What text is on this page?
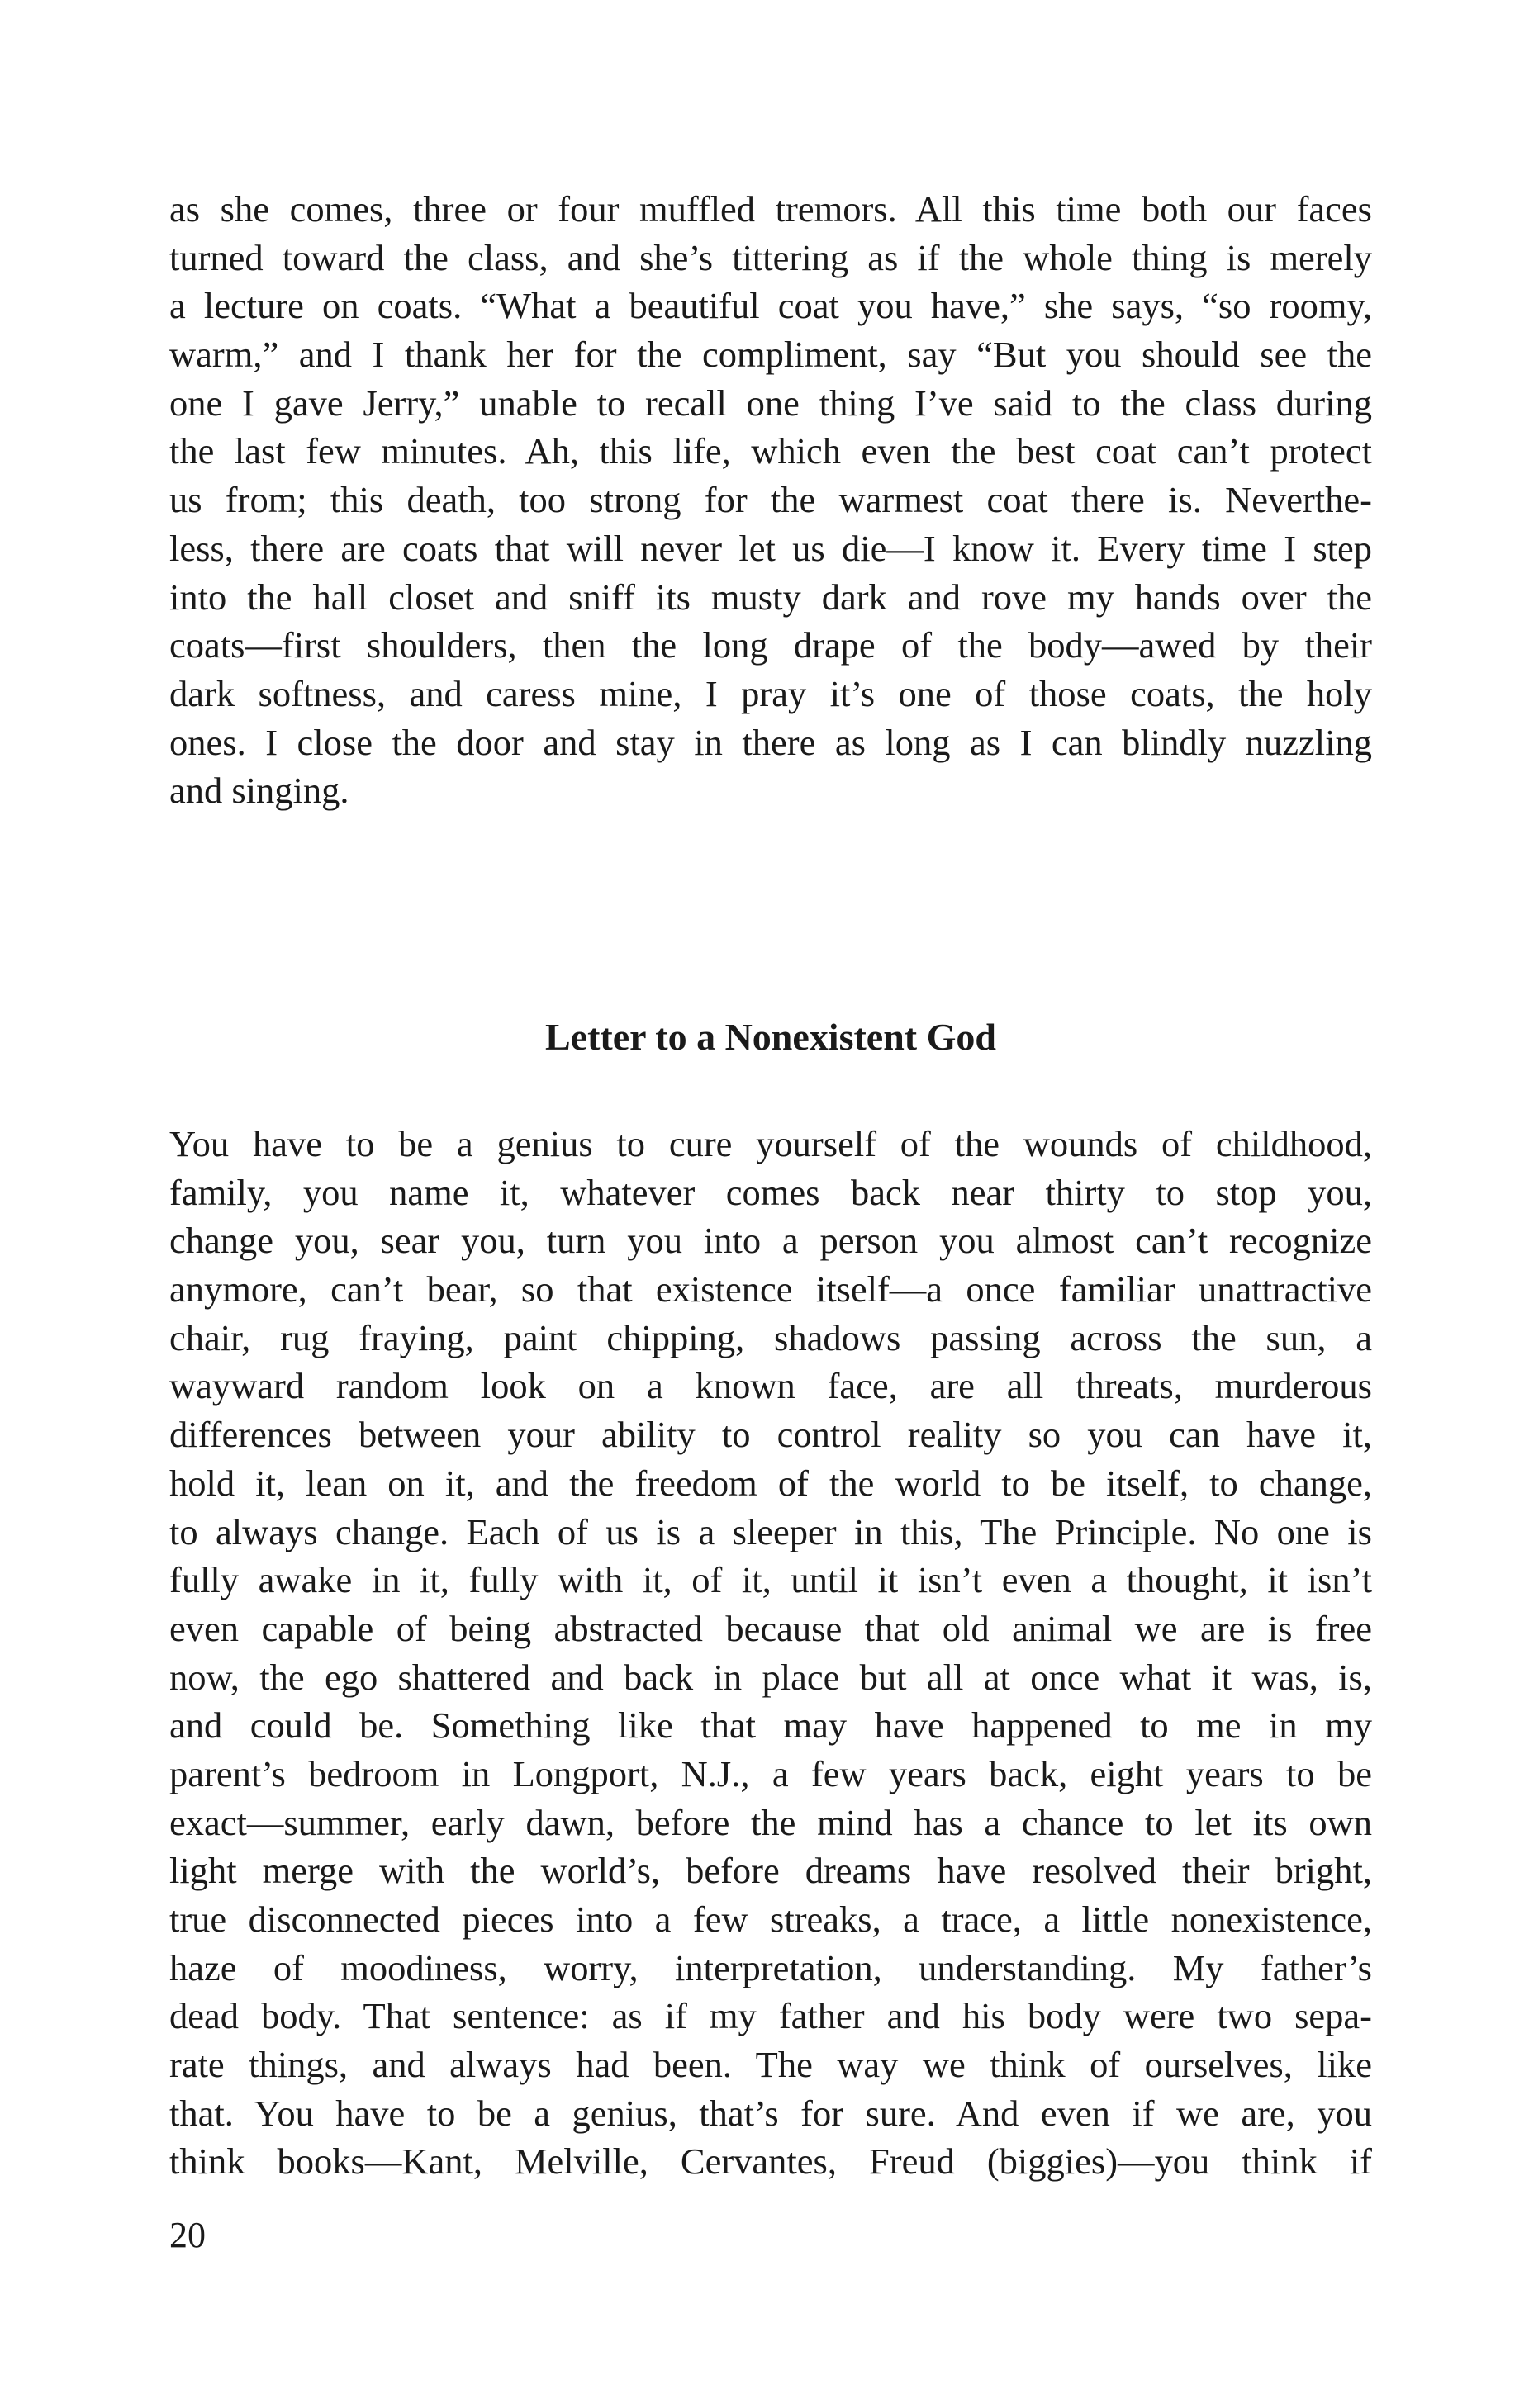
as she comes, three or four muffled tremors. All this time both our faces
turned toward the class, and she’s tittering as if the whole thing is merely
a lecture on coats. “What a beautiful coat you have,” she says, “so roomy,
warm,” and I thank her for the compliment, say “But you should see the
one I gave Jerry,” unable to recall one thing I’ve said to the class during
the last few minutes. Ah, this life, which even the best coat can’t protect
us from; this death, too strong for the warmest coat there is. Neverthe-
less, there are coats that will never let us die—I know it. Every time I step
into the hall closet and sniff its musty dark and rove my hands over the
coats—first shoulders, then the long drape of the body—awed by their
dark softness, and caress mine, I pray it’s one of those coats, the holy
ones. I close the door and stay in there as long as I can blindly nuzzling
and singing.
Letter to a Nonexistent God
You have to be a genius to cure yourself of the wounds of childhood,
family, you name it, whatever comes back near thirty to stop you,
change you, sear you, turn you into a person you almost can’t recognize
anymore, can’t bear, so that existence itself—a once familiar unattractive
chair, rug fraying, paint chipping, shadows passing across the sun, a
wayward random look on a known face, are all threats, murderous
differences between your ability to control reality so you can have it,
hold it, lean on it, and the freedom of the world to be itself, to change,
to always change. Each of us is a sleeper in this, The Principle. No one is
fully awake in it, fully with it, of it, until it isn’t even a thought, it isn’t
even capable of being abstracted because that old animal we are is free
now, the ego shattered and back in place but all at once what it was, is,
and could be. Something like that may have happened to me in my
parent’s bedroom in Longport, N.J., a few years back, eight years to be
exact—summer, early dawn, before the mind has a chance to let its own
light merge with the world’s, before dreams have resolved their bright,
true disconnected pieces into a few streaks, a trace, a little nonexistence,
haze of moodiness, worry, interpretation, understanding. My father’s
dead body. That sentence: as if my father and his body were two sepa-
rate things, and always had been. The way we think of ourselves, like
that. You have to be a genius, that’s for sure. And even if we are, you
think books—Kant, Melville, Cervantes, Freud (biggies)—you think if
20
